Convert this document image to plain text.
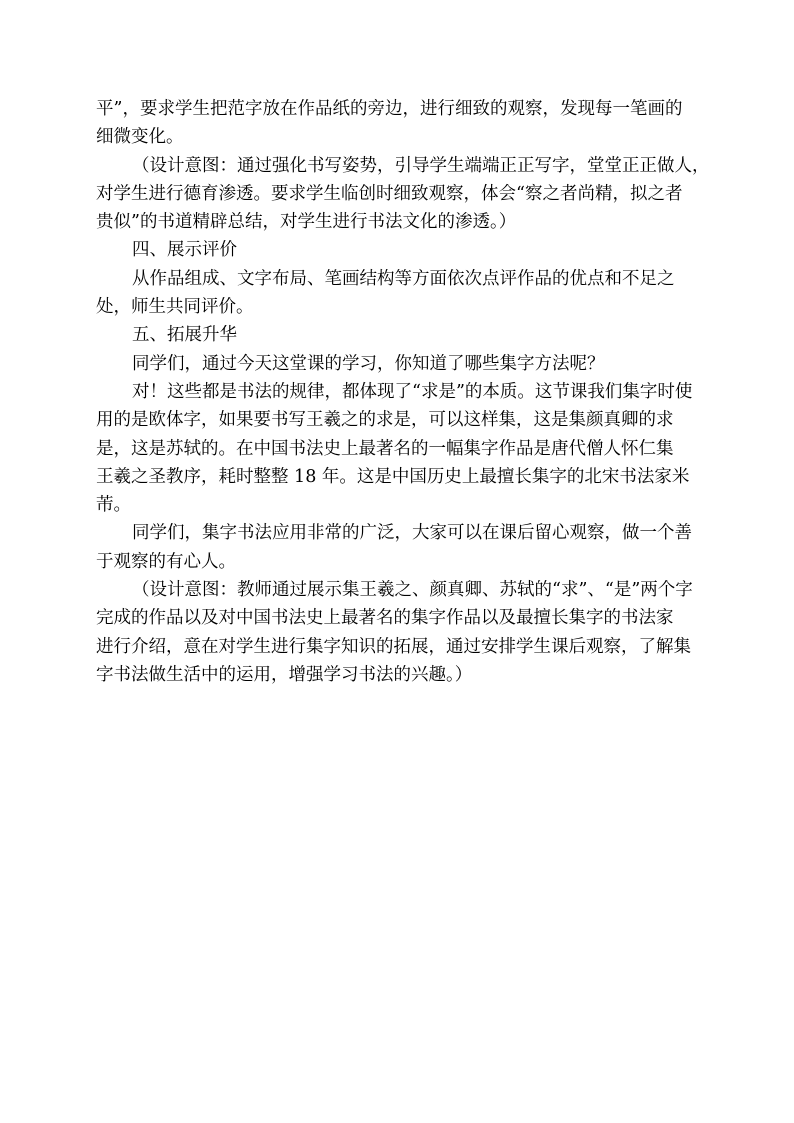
平”，要求学生把范字放在作品纸的旁边，进行细致的观察，发现每一笔画的
细微变化。
（设计意图：通过强化书写姿势，引导学生端端正正写字，堂堂正正做人，
对学生进行德育渗透。要求学生临创时细致观察，体会“察之者尚精，拟之者
贵似”的书道精辟总结，对学生进行书法文化的渗透。）
四、展示评价
从作品组成、文字布局、笔画结构等方面依次点评作品的优点和不足之
处，师生共同评价。
五、拓展升华
同学们，通过今天这堂课的学习，你知道了哪些集字方法呢？
对！这些都是书法的规律，都体现了“求是”的本质。这节课我们集字时使
用的是欧体字，如果要书写王羲之的求是，可以这样集，这是集颜真卿的求
是，这是苏轼的。在中国书法史上最著名的一幅集字作品是唐代僧人怀仁集
王羲之圣教序，耗时整整 18 年。这是中国历史上最擅长集字的北宋书法家米
芾。
同学们，集字书法应用非常的广泛，大家可以在课后留心观察，做一个善
于观察的有心人。
（设计意图：教师通过展示集王羲之、颜真卿、苏轼的“求”、“是”两个字
完成的作品以及对中国书法史上最著名的集字作品以及最擅长集字的书法家
进行介绍，意在对学生进行集字知识的拓展，通过安排学生课后观察，了解集
字书法做生活中的运用，增强学习书法的兴趣。）
